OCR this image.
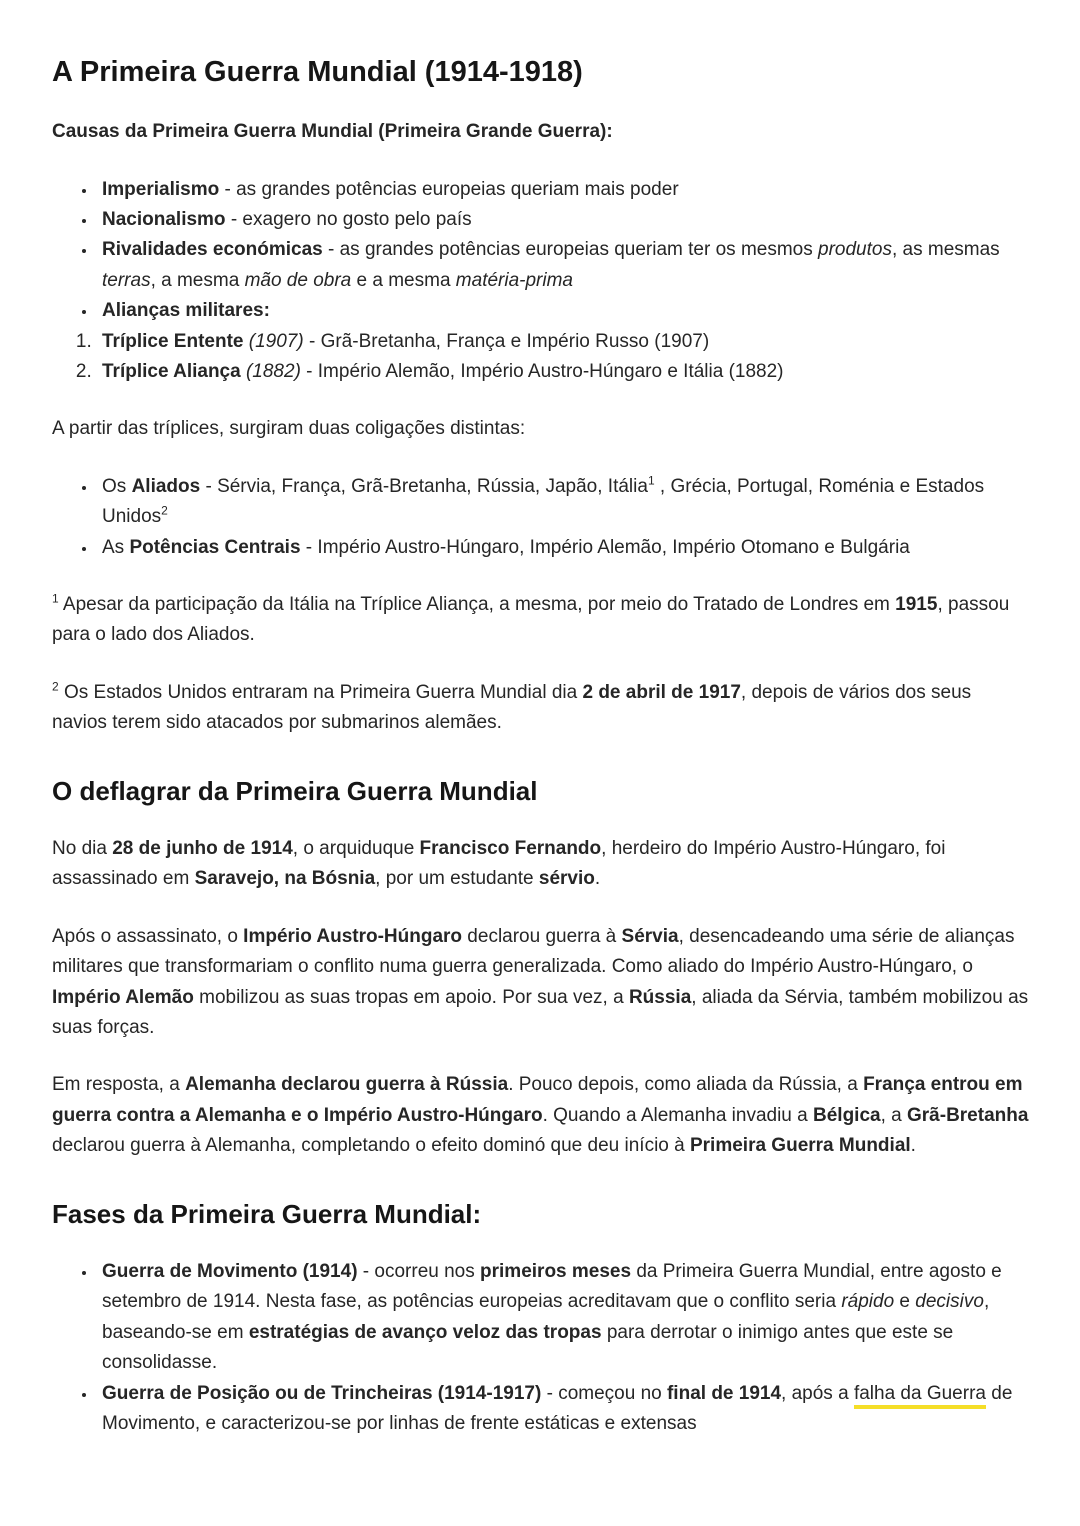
A Primeira Guerra Mundial (1914-1918)

Causas da Primeira Guerra Mundial (Primeira Grande Guerra):

• Imperialismo - as grandes potências europeias queriam mais poder
• Nacionalismo - exagero no gosto pelo país
• Rivalidades económicas - as grandes potências europeias queriam ter os mesmos produtos, as mesmas terras, a mesma mão de obra e a mesma matéria-prima
• Alianças militares:
1. Tríplice Entente (1907) - Grã-Bretanha, França e Império Russo (1907)
2. Tríplice Aliança (1882) - Império Alemão, Império Austro-Húngaro e Itália (1882)

A partir das tríplices, surgiram duas coligações distintas:

• Os Aliados - Sérvia, França, Grã-Bretanha, Rússia, Japão, Itália$^1$ , Grécia, Portugal, Roménia e Estados Unidos$^2$
• As Potências Centrais - Império Austro-Húngaro, Império Alemão, Império Otomano e Bulgária

$^1$ Apesar da participação da Itália na Tríplice Aliança, a mesma, por meio do Tratado de Londres em 1915, passou para o lado dos Aliados.

$^2$ Os Estados Unidos entraram na Primeira Guerra Mundial dia 2 de abril de 1917, depois de vários dos seus navios terem sido atacados por submarinos alemães.

O deflagrar da Primeira Guerra Mundial

No dia 28 de junho de 1914, o arquiduque Francisco Fernando, herdeiro do Império Austro-Húngaro, foi assassinado em Saravejo, na Bósnia, por um estudante sérvio.

Após o assassinato, o Império Austro-Húngaro declarou guerra à Sérvia, desencadeando uma série de alianças militares que transformariam o conflito numa guerra generalizada. Como aliado do Império Austro-Húngaro, o Império Alemão mobilizou as suas tropas em apoio. Por sua vez, a Rússia, aliada da Sérvia, também mobilizou as suas forças.

Em resposta, a Alemanha declarou guerra à Rússia. Pouco depois, como aliada da Rússia, a França entrou em guerra contra a Alemanha e o Império Austro-Húngaro. Quando a Alemanha invadiu a Bélgica, a Grã-Bretanha declarou guerra à Alemanha, completando o efeito dominó que deu início à Primeira Guerra Mundial.

Fases da Primeira Guerra Mundial:
• Guerra de Movimento (1914) - ocorreu nos primeiros meses da Primeira Guerra Mundial, entre agosto e setembro de 1914. Nesta fase, as potências europeias acreditavam que o conflito seria rápido e decisivo, baseando-se em estratégias de avanço veloz das tropas para derrotar o inimigo antes que este se consolidasse.
• Guerra de Posição ou de Trincheiras (1914-1917) - começou no final de 1914, após a falha da Guerra de Movimento, e caracterizou-se por linhas de frente estáticas e extensas
